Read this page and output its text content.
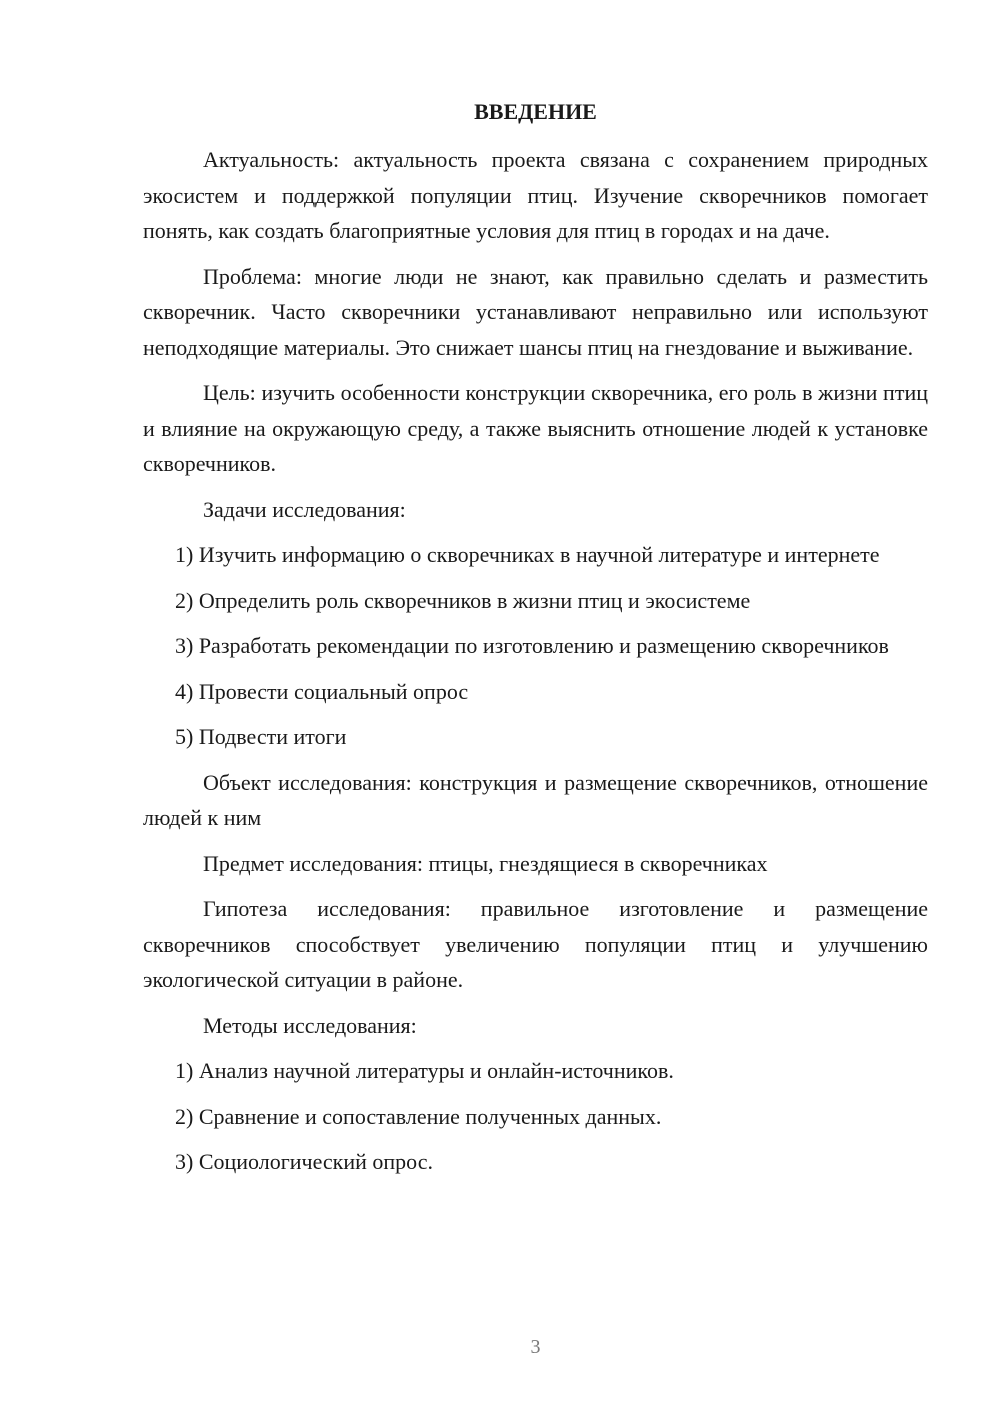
ВВЕДЕНИЕ

Актуальность: актуальность проекта связана с сохранением природных экосистем и поддержкой популяции птиц. Изучение скворечников помогает понять, как создать благоприятные условия для птиц в городах и на даче.

Проблема: многие люди не знают, как правильно сделать и разместить скворечник. Часто скворечники устанавливают неправильно или используют неподходящие материалы. Это снижает шансы птиц на гнездование и выживание.

Цель: изучить особенности конструкции скворечника, его роль в жизни птиц и влияние на окружающую среду, а также выяснить отношение людей к установке скворечников.

Задачи исследования:

1) Изучить информацию о скворечниках в научной литературе и интернете

2) Определить роль скворечников в жизни птиц и экосистеме

3) Разработать рекомендации по изготовлению и размещению скворечников

4) Провести социальный опрос

5) Подвести итоги

Объект исследования: конструкция и размещение скворечников, отношение людей к ним

Предмет исследования: птицы, гнездящиеся в скворечниках

Гипотеза исследования: правильное изготовление и размещение скворечников способствует увеличению популяции птиц и улучшению экологической ситуации в районе.

Методы исследования:

1) Анализ научной литературы и онлайн-источников.

2) Сравнение и сопоставление полученных данных.

3) Социологический опрос.

3
